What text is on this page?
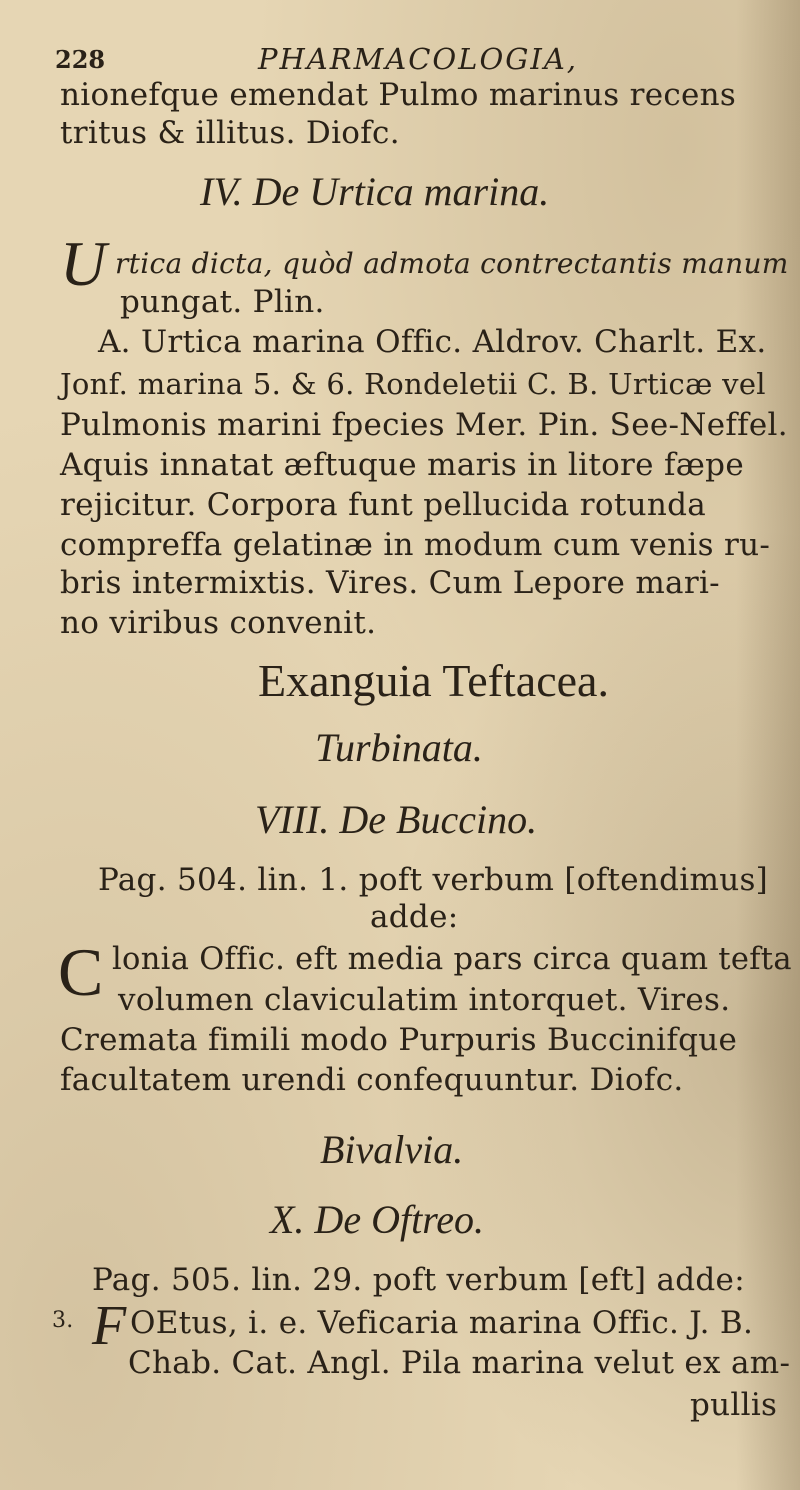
228	PHARMACOLOGIA,
nionefque emendat Pulmo marinus recens
tritus & illitus. Diofc.
IV. De Urtica marina.
U rtica dicta, quòd admota contrectantis manum
pungat. Plin.
A. Urtica marina Offic. Aldrov. Charlt. Ex.
Jonf. marina 5. & 6. Rondeletii C. B. Urticæ vel
Pulmonis marini fpecies Mer. Pin. See-Neffel.
Aquis innatat æftuque maris in litore fæpe
rejicitur. Corpora funt pellucida rotunda
compreffa gelatinæ in modum cum venis ru-
bris intermixtis. Vires. Cum Lepore mari-
no viribus convenit.
Exanguia Teftacea.
Turbinata.
VIII. De Buccino.
Pag. 504. lin. 1. poft verbum [oftendimus]
adde:
C lonia Offic. eft media pars circa quam tefta
volumen claviculatim intorquet. Vires.
Cremata fimili modo Purpuris Buccinifque
facultatem urendi confequuntur. Diofc.
Bivalvia.
X. De Oftreo.
Pag. 505. lin. 29. poft verbum [eft] adde:
3. F OEtus, i. e. Veficaria marina Offic. J. B.
Chab. Cat. Angl. Pila marina velut ex am-
pullis
